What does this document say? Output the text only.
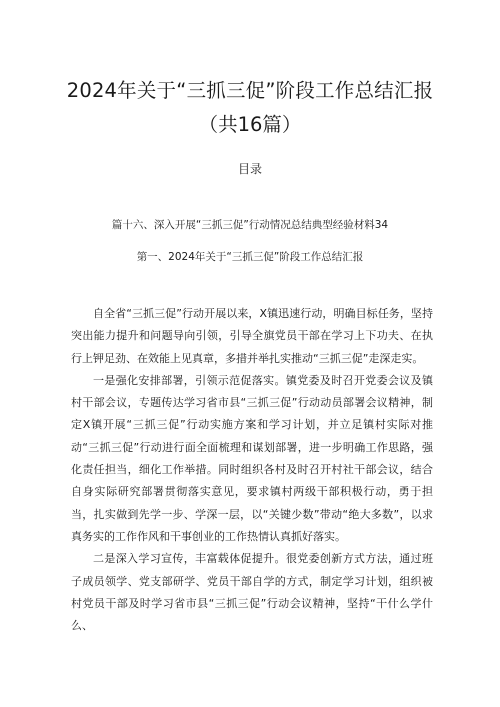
2024年关于“三抓三促”阶段工作总结汇报
（共16篇）
目录
篇十六、深入开展“三抓三促”行动情况总结典型经验材料34
第一、2024年关于“三抓三促”阶段工作总结汇报

自全省“三抓三促”行动开展以来，X镇迅速行动，明确目标任务，坚持突出能力提升和问题导向引领，引导全旗党员干部在学习上下功夫、在执行上钾足劲、在效能上见真章，多措并举扎实推动“三抓三促”走深走实。

一是强化安排部署，引领示范促落实。镇党委及时召开党委会议及镇村干部会议，专题传达学习省市县“三抓三促”行动动员部署会议精神，制定X镇开展“三抓三促”行动实施方案和学习计划，并立足镇村实际对推动“三抓三促”行动进行面全面梳理和谋划部署，进一步明确工作思路，强化责任担当，细化工作举措。同时组织各村及时召开村社干部会议，结合自身实际研究部署贯彻落实意见，要求镇村两级干部积极行动，勇于担当，扎实做到先学一步、学深一层，以“关键少数”带动“绝大多数”，以求真务实的工作作风和干事创业的工作热情认真抓好落实。

二是深入学习宣传，丰富载体促提升。很党委创新方式方法，通过班子成员领学、党支部研学、党员干部自学的方式，制定学习计划，组织被村党员干部及时学习省市县“三抓三促”行动会议精神，坚持“干什么学什么、
